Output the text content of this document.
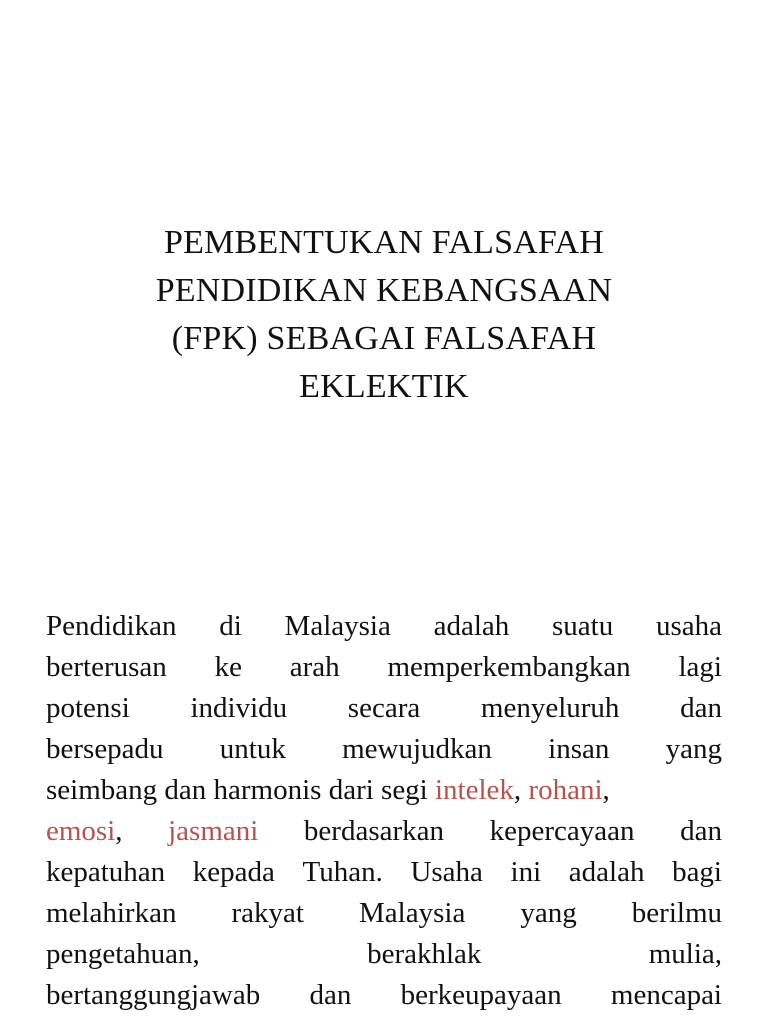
PEMBENTUKAN FALSAFAH
PENDIDIKAN KEBANGSAAN
(FPK) SEBAGAI FALSAFAH
EKLEKTIK
Pendidikan di Malaysia adalah suatu usaha
berterusan ke arah memperkembangkan lagi
potensi individu secara menyeluruh dan
bersepadu untuk mewujudkan insan yang
seimbang dan harmonis dari segi intelek , rohani ,
emosi, jasmani berdasarkan kepercayaan dan
kepatuhan kepada Tuhan. Usaha ini adalah bagi
melahirkan rakyat Malaysia yang berilmu
pengetahuan,	berakhlak	mulia,
bertanggungjawab dan berkeupayaan mencapai
